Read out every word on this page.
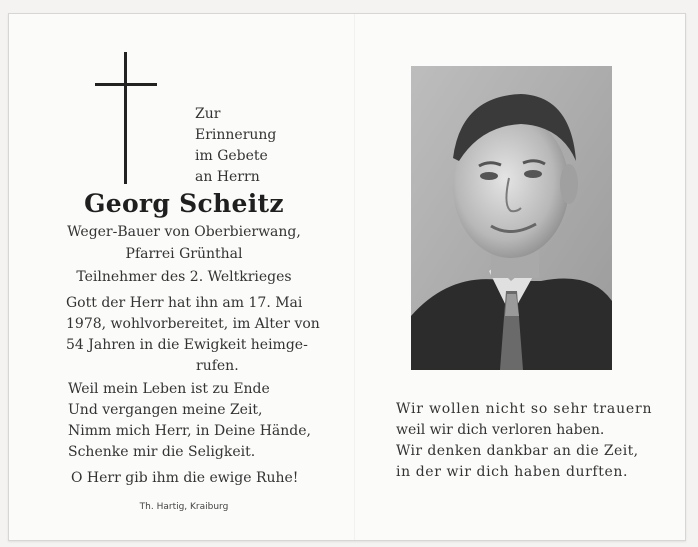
Zur
Erinnerung
im Gebete
an Herrn
Georg Scheitz
Weger-Bauer von Oberbierwang,
Pfarrei Grünthal
Teilnehmer des 2. Weltkrieges
Gott der Herr hat ihn am 17. Mai
1978, wohlvorbereitet, im Alter von
54 Jahren in die Ewigkeit heimge-
rufen.
Weil mein Leben ist zu Ende
Und vergangen meine Zeit,
Nimm mich Herr, in Deine Hände,
Schenke mir die Seligkeit.
O Herr gib ihm die ewige Ruhe!
Th. Hartig, Kraiburg
Wir wollen nicht so sehr trauern
weil wir dich verloren haben.
Wir denken dankbar an die Zeit,
in der wir dich haben durften.
